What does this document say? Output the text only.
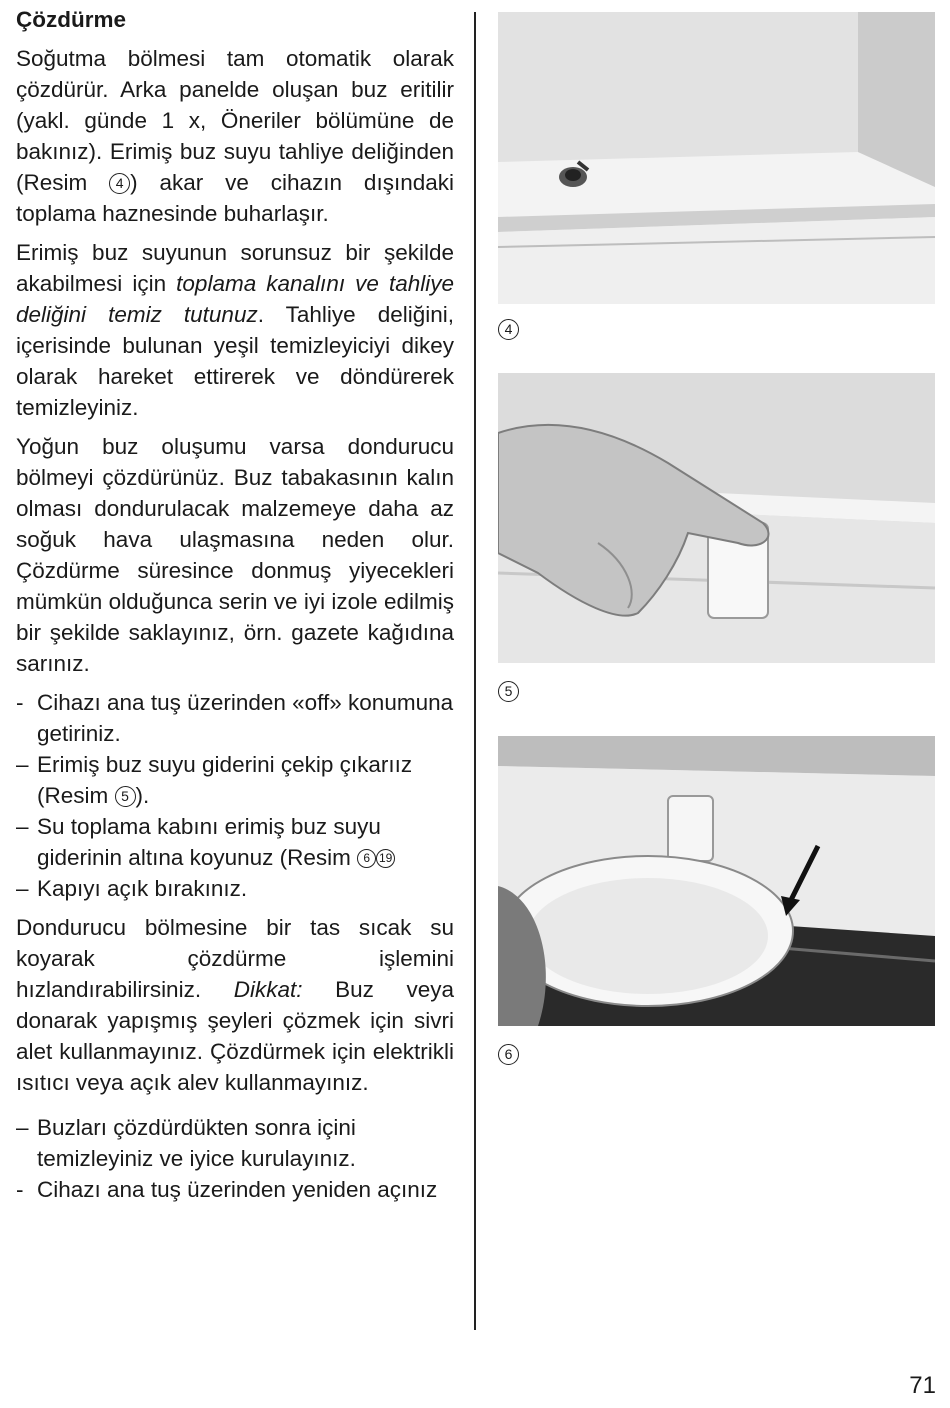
Çözdürme

Soğutma bölmesi tam otomatik olarak çözdürür. Arka panelde oluşan buz eritilir (yakl. günde 1 x, Öneriler bölümüne de bakınız). Erimiş buz suyu tahliye deliğinden (Resim 4 ) akar ve cihazın dışındaki toplama haznesinde buharlaşır.

Erimiş buz suyunun sorunsuz bir şekilde akabilmesi için toplama kanalını ve tahliye deliğini temiz tutunuz. Tahliye deliğini, içerisinde bulunan yeşil temizleyiciyi dikey olarak hareket ettirerek ve döndürerek temizleyiniz.

Yoğun buz oluşumu varsa dondurucu bölmeyi çözdürünüz. Buz tabakasının kalın olması dondurulacak malzemeye daha az soğuk hava ulaşmasına neden olur. Çözdürme süresince donmuş yiyecekleri mümkün olduğunca serin ve iyi izole edilmiş bir şekilde saklayınız, örn. gazete kağıdına sarınız.

- Cihazı ana tuş üzerinden «off» konumuna getiriniz.
– Erimiş buz suyu giderini çekip çıkarıız (Resim 5 ).
– Su toplama kabını erimiş buz suyu giderinin altına koyunuz (Resim 6 19
– Kapıyı açık bırakınız.

Dondurucu bölmesine bir tas sıcak su koyarak çözdürme işlemini hızlandırabilirsiniz. Dikkat: Buz veya donarak yapışmış şeyleri çözmek için sivri alet kullanmayınız. Çözdürmek için elektrikli ısıtıcı veya açık alev kullanmayınız.

– Buzları çözdürdükten sonra içini temizleyiniz ve iyice kurulayınız.
- Cihazı ana tuş üzerinden yeniden açınız
4
5
6
71
